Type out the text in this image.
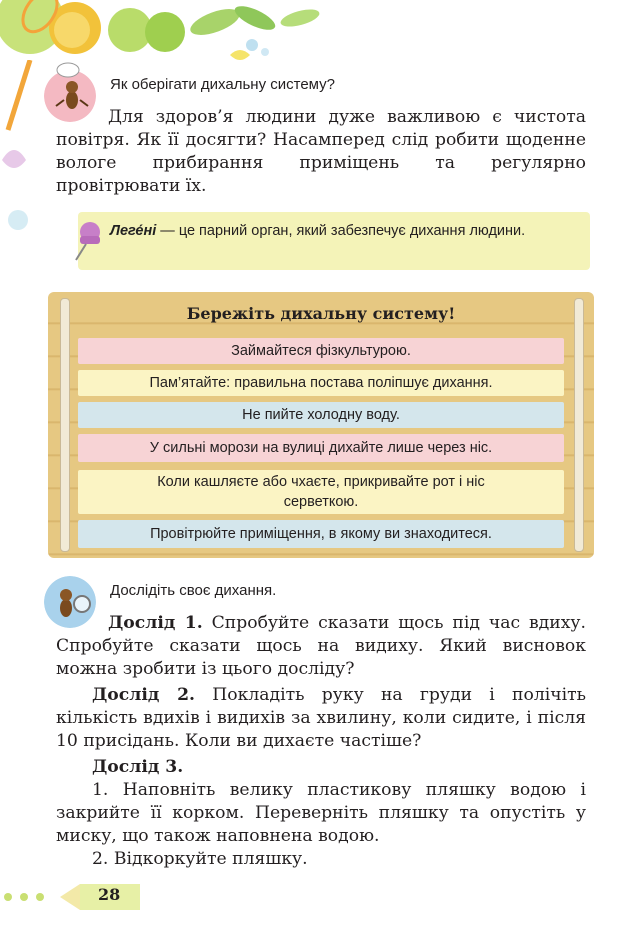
Як оберігати дихальну систему?

Для здоров’я людини дуже важливою є чистота повітря. Як її досягти? Насамперед слід робити щоденне вологе прибирання приміщень та регулярно провітрювати їх.

Леге́ні — це парний орган, який забезпечує дихання людини.
Бережіть дихальну систему!
Займайтеся фізкультурою.
Пам’ятайте: правильна постава поліпшує дихання.
Не пийте холодну воду.
У сильні морози на вулиці дихайте лише через ніс.
Коли кашляєте або чхаєте, прикривайте рот і ніс серветкою.
Провітрюйте приміщення, в якому ви знаходитеся.
Дослідіть своє дихання.

Дослід 1. Спробуйте сказати щось під час вдиху. Спробуйте сказати щось на видиху. Який висновок можна зробити із цього досліду?

Дослід 2. Покладіть руку на груди і полічіть кількість вдихів і видихів за хвилину, коли сидите, і після 10 присідань. Коли ви дихаєте частіше?

Дослід 3.

1. Наповніть велику пластикову пляшку водою і закрийте її корком. Переверніть пляшку та опустіть у миску, що також наповнена водою.

2. Відкоркуйте пляшку.

28
